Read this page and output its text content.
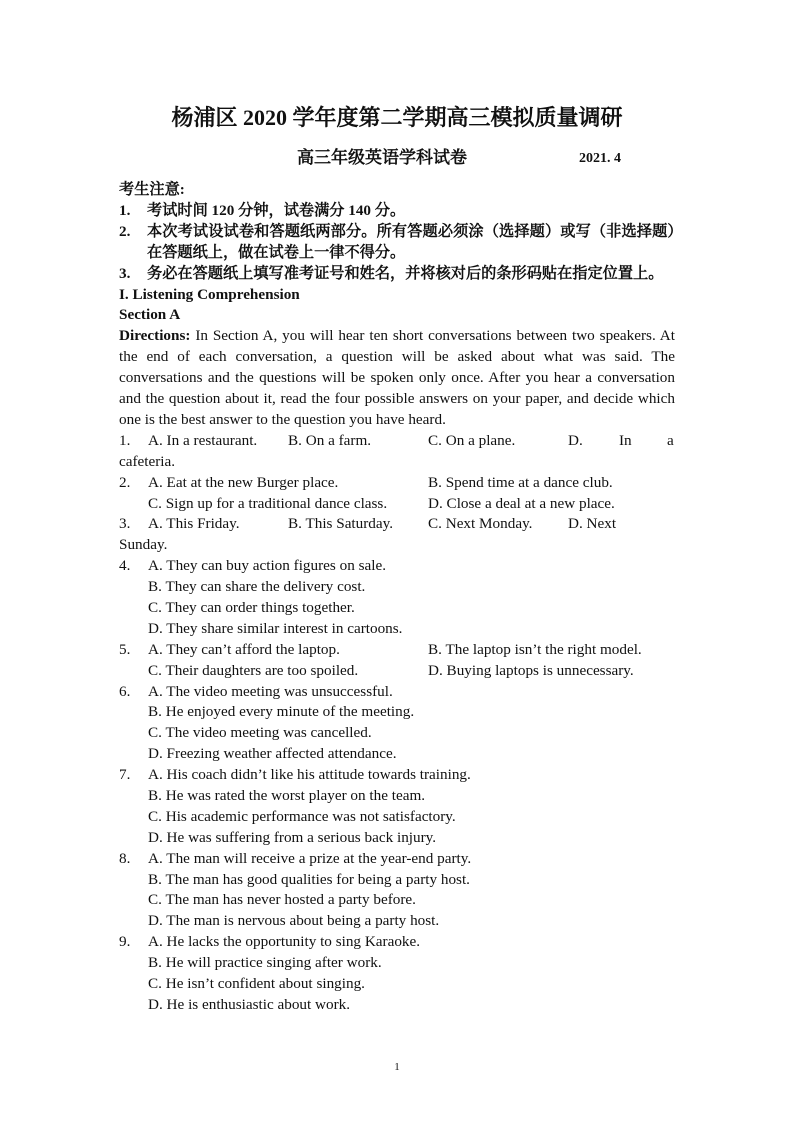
杨浦区 2020 学年度第二学期高三模拟质量调研
高三年级英语学科试卷	2021. 4
考生注意:
1.	考试时间 120 分钟，试卷满分 140 分。
2.	本次考试设试卷和答题纸两部分。所有答题必须涂（选择题）或写（非选择题）在答题纸上，做在试卷上一律不得分。
3.	务必在答题纸上填写准考证号和姓名，并将核对后的条形码贴在指定位置上。
I. Listening Comprehension
Section A
Directions: In Section A, you will hear ten short conversations between two speakers. At the end of each conversation, a question will be asked about what was said. The conversations and the questions will be spoken only once. After you hear a conversation and the question about it, read the four possible answers on your paper, and decide which one is the best answer to the question you have heard.
1. A. In a restaurant. B. On a farm.	C. On a plane.	D. In a
cafeteria.
2. A. Eat at the new Burger place.	B. Spend time at a dance club.
C. Sign up for a traditional dance class.	D. Close a deal at a new place.
3. A. This Friday.	B. This Saturday. C. Next Monday. D. Next
Sunday.
4.	A. They can buy action figures on sale.
B. They can share the delivery cost.
C. They can order things together.
D. They share similar interest in cartoons.
5. A. They can’t afford the laptop.	B. The laptop isn’t the right model.
C. Their daughters are too spoiled.	D. Buying laptops is unnecessary.
6.	A. The video meeting was unsuccessful.
B. He enjoyed every minute of the meeting.
C. The video meeting was cancelled.
D. Freezing weather affected attendance.
7.	A. His coach didn’t like his attitude towards training.
B. He was rated the worst player on the team.
C. His academic performance was not satisfactory.
D. He was suffering from a serious back injury.
8.	A. The man will receive a prize at the year-end party.
B. The man has good qualities for being a party host.
C. The man has never hosted a party before.
D. The man is nervous about being a party host.
9.	A. He lacks the opportunity to sing Karaoke.
B. He will practice singing after work.
C. He isn’t confident about singing.
D. He is enthusiastic about work.
1
